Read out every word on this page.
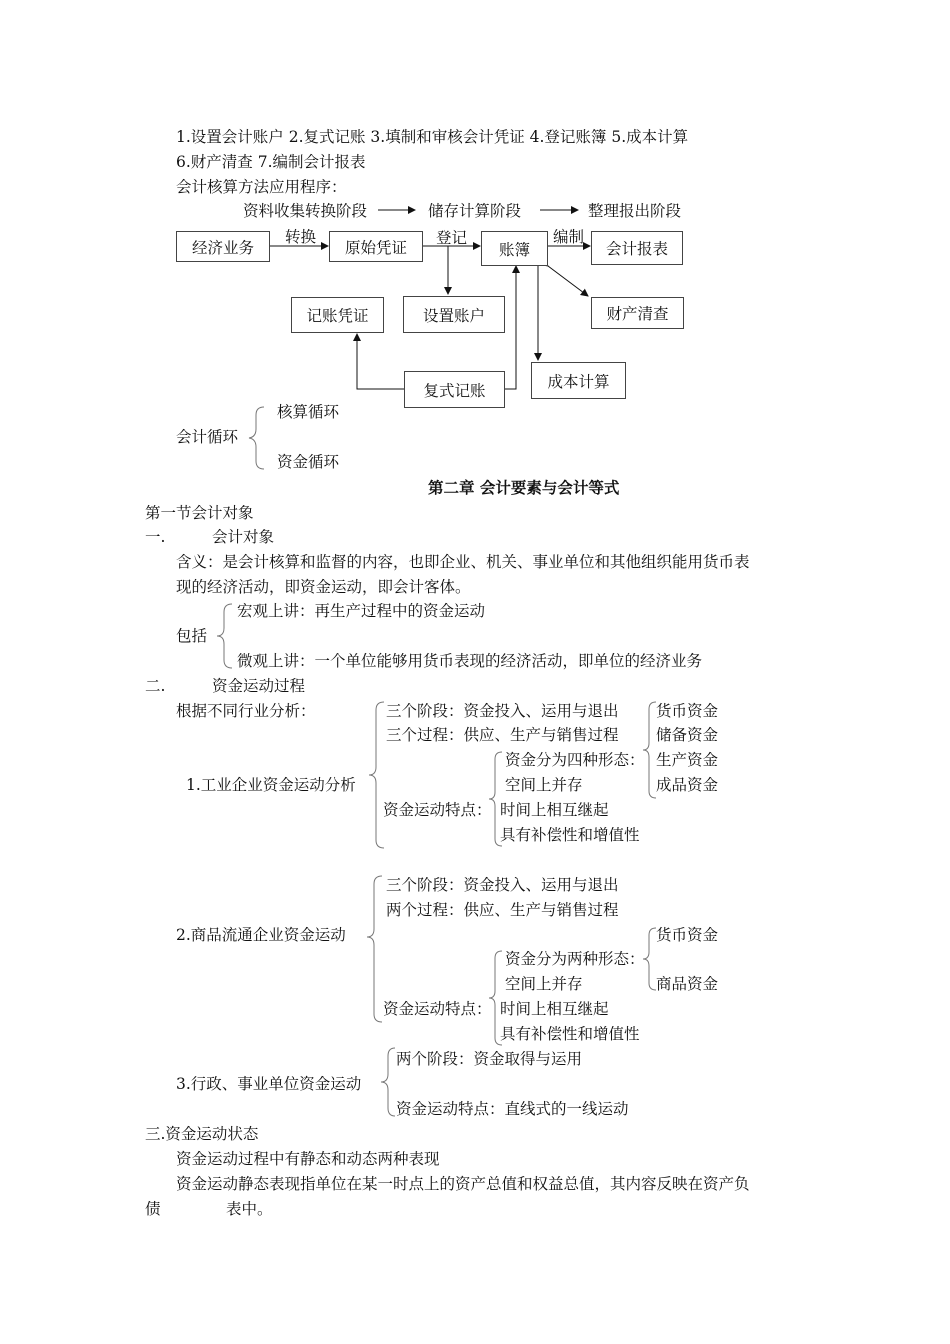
1.设置会计账户 2.复式记账 3.填制和审核会计凭证 4.登记账簿 5.成本计算
6.财产清查 7.编制会计报表
会计核算方法应用程序：
资料收集转换阶段	储存计算阶段	整理报出阶段
经济业务
转换
原始凭证
登记
账簿
编制
会计报表
记账凭证	设置账户	财产清查
成本计算
复式记账
会计循环
核算循环
资金循环
第二章 会计要素与会计等式
第一节会计对象
一.	会计对象
含义：是会计核算和监督的内容，也即企业、机关、事业单位和其他组织能用货币表
现的经济活动，即资金运动，即会计客体。
包括
宏观上讲：再生产过程中的资金运动
微观上讲：一个单位能够用货币表现的经济活动，即单位的经济业务
二.	资金运动过程
根据不同行业分析：
1.工业企业资金运动分析
三个阶段：资金投入、运用与退出
三个过程：供应、生产与销售过程
资金运动特点：
资金分为四种形态：
空间上并存
时间上相互继起
具有补偿性和增值性
货币资金
储备资金
生产资金
成品资金
2.商品流通企业资金运动
三个阶段：资金投入、运用与退出
两个过程：供应、生产与销售过程
资金运动特点：
资金分为两种形态：
空间上并存
时间上相互继起
具有补偿性和增值性
货币资金
商品资金
3.行政、事业单位资金运动
两个阶段：资金取得与运用
资金运动特点：直线式的一线运动
三.资金运动状态
资金运动过程中有静态和动态两种表现
资金运动静态表现指单位在某一时点上的资产总值和权益总值，其内容反映在资产负
债	表中。
